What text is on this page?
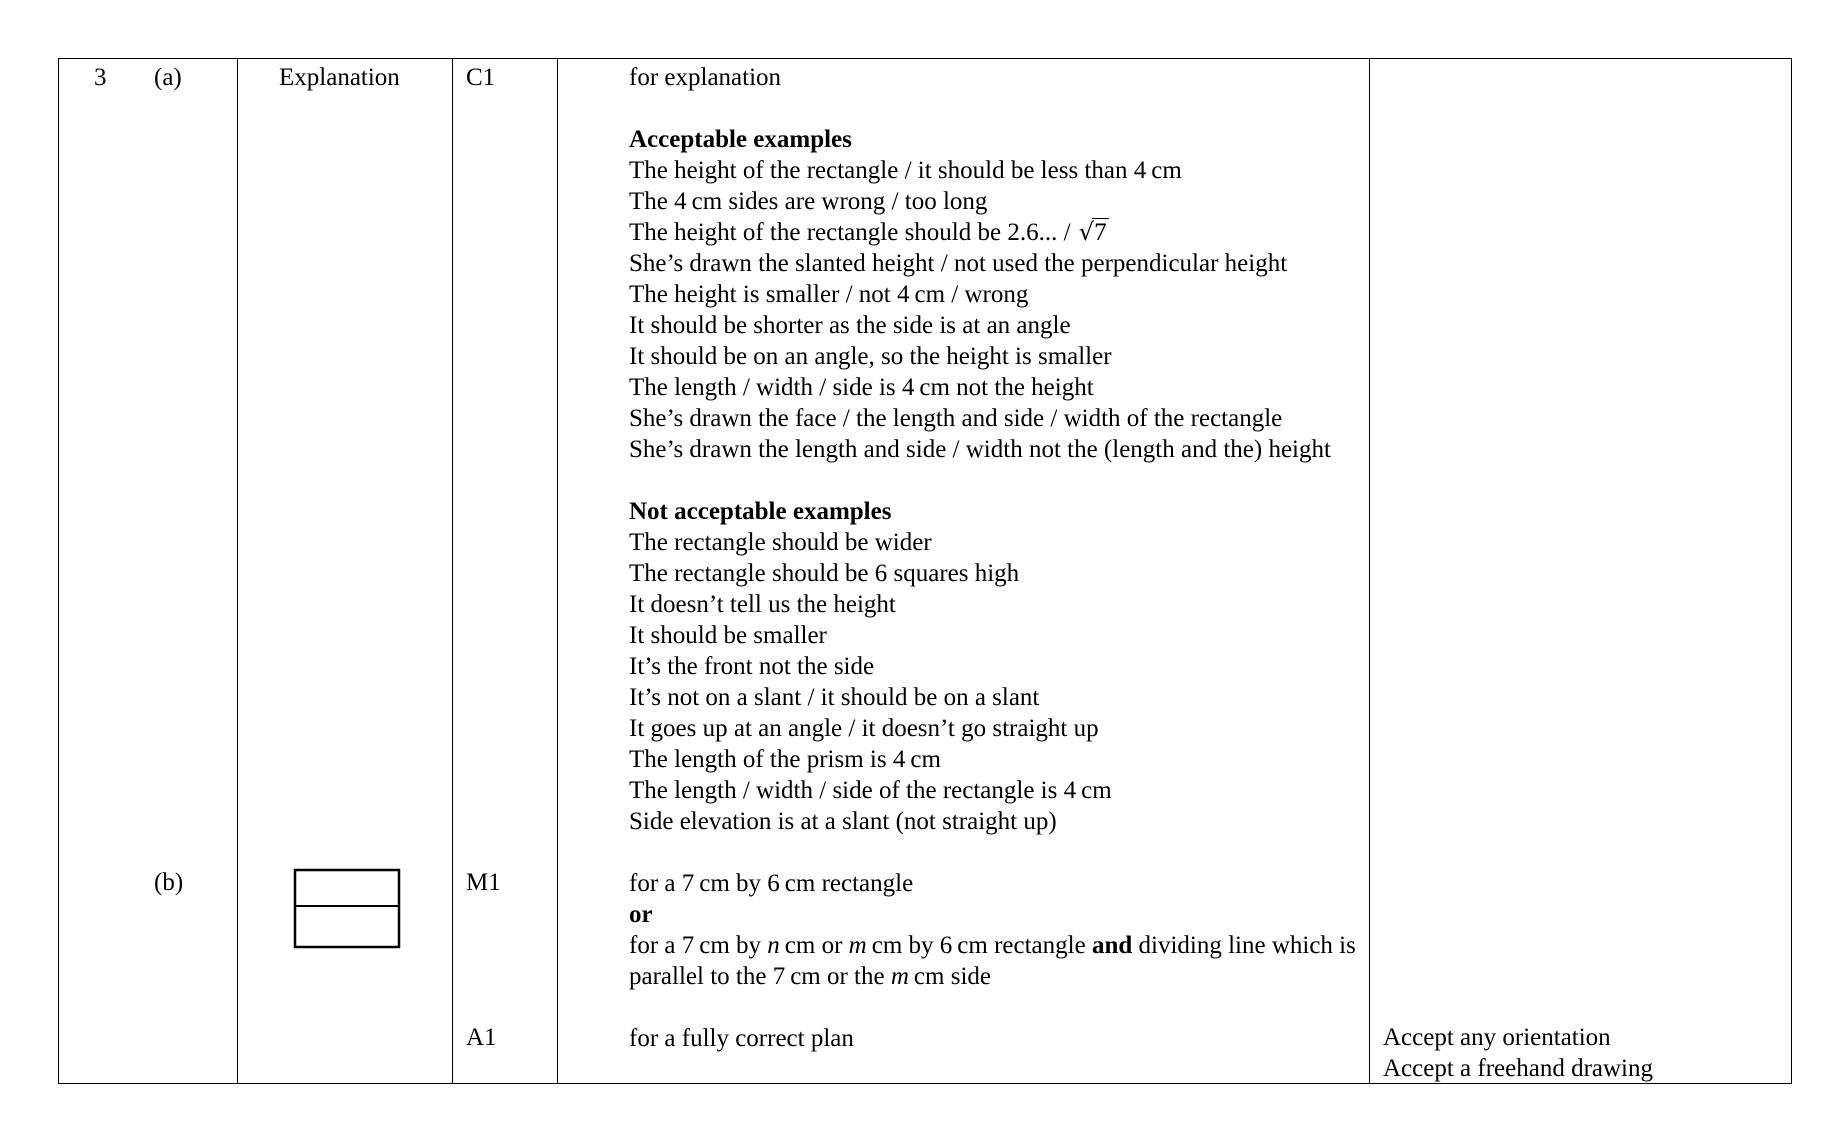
3 (a)
(b)
Explanation	C1
M1
A1
for explanation
Acceptable examples
The height of the rectangle / it should be less than 4 cm
The 4 cm sides are wrong / too long
The height of the rectangle should be 2.6... / √7
She’s drawn the slanted height / not used the perpendicular height
The height is smaller / not 4 cm / wrong
It should be shorter as the side is at an angle
It should be on an angle, so the height is smaller
The length / width / side is 4 cm not the height
She’s drawn the face / the length and side / width of the rectangle
She’s drawn the length and side / width not the (length and the) height
Not acceptable examples
The rectangle should be wider
The rectangle should be 6 squares high
It doesn’t tell us the height
It should be smaller
It’s the front not the side
It’s not on a slant / it should be on a slant
It goes up at an angle / it doesn’t go straight up
The length of the prism is 4 cm
The length / width / side of the rectangle is 4 cm
Side elevation is at a slant (not straight up)
for a 7 cm by 6 cm rectangle
or
for a 7 cm by n cm or m cm by 6 cm rectangle and dividing line which is
parallel to the 7 cm or the m cm side
for a fully correct plan	Accept any orientation
Accept a freehand drawing
